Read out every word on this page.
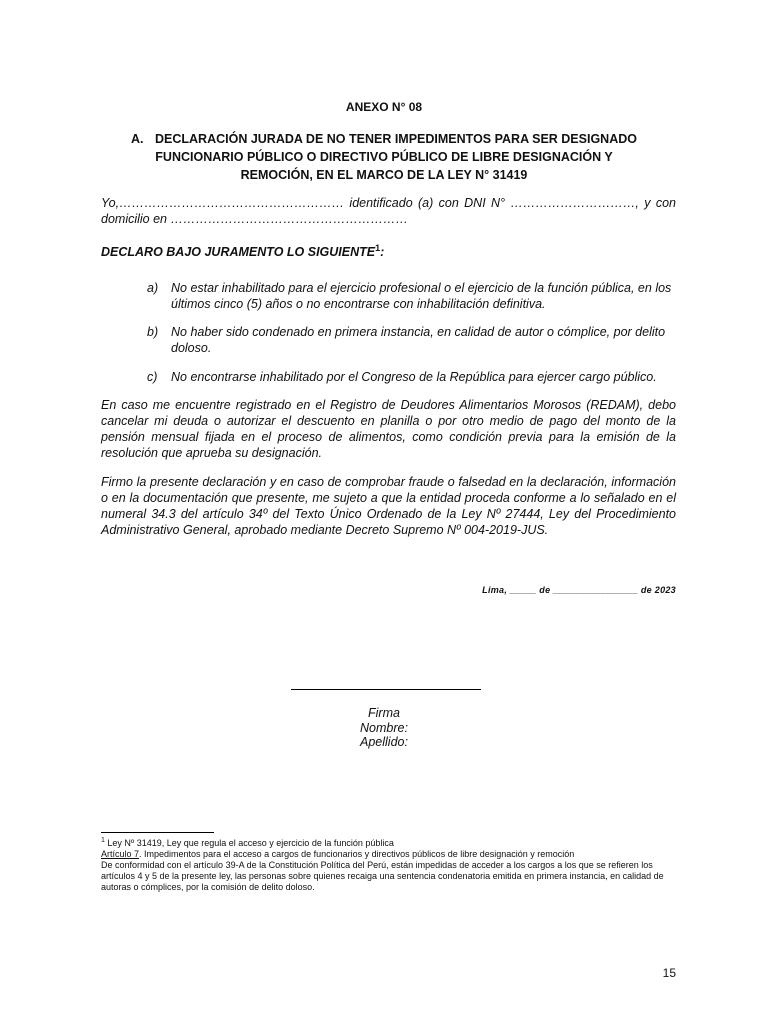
ANEXO N° 08
A. DECLARACIÓN JURADA DE NO TENER IMPEDIMENTOS PARA SER DESIGNADO
FUNCIONARIO PÚBLICO O DIRECTIVO PÚBLICO DE LIBRE DESIGNACIÓN Y
REMOCIÓN, EN EL MARCO DE LA LEY N° 31419
Yo,……………………………………………… identificado (a) con DNI N° …………………………, y con domicilio en …………………………………………………
DECLARO BAJO JURAMENTO LO SIGUIENTE$^1$:
a) No estar inhabilitado para el ejercicio profesional o el ejercicio de la función pública, en los últimos cinco (5) años o no encontrarse con inhabilitación definitiva.
b) No haber sido condenado en primera instancia, en calidad de autor o cómplice, por delito doloso.
c) No encontrarse inhabilitado por el Congreso de la República para ejercer cargo público.
En caso me encuentre registrado en el Registro de Deudores Alimentarios Morosos (REDAM), debo cancelar mi deuda o autorizar el descuento en planilla o por otro medio de pago del monto de la pensión mensual fijada en el proceso de alimentos, como condición previa para la emisión de la resolución que aprueba su designación.
Firmo la presente declaración y en caso de comprobar fraude o falsedad en la declaración, información o en la documentación que presente, me sujeto a que la entidad proceda conforme a lo señalado en el numeral 34.3 del artículo 34º del Texto Único Ordenado de la Ley Nº 27444, Ley del Procedimiento Administrativo General, aprobado mediante Decreto Supremo Nº 004-2019-JUS.
Lima, _____ de ________________ de 2023
Firma
Nombre:
Apellido:
$^1$ Ley Nº 31419, Ley que regula el acceso y ejercicio de la función pública
Artículo 7. Impedimentos para el acceso a cargos de funcionarios y directivos públicos de libre designación y remoción
De conformidad con el artículo 39-A de la Constitución Política del Perú, están impedidas de acceder a los cargos a los que se refieren los artículos 4 y 5 de la presente ley, las personas sobre quienes recaiga una sentencia condenatoria emitida en primera instancia, en calidad de autoras o cómplices, por la comisión de delito doloso.
15
